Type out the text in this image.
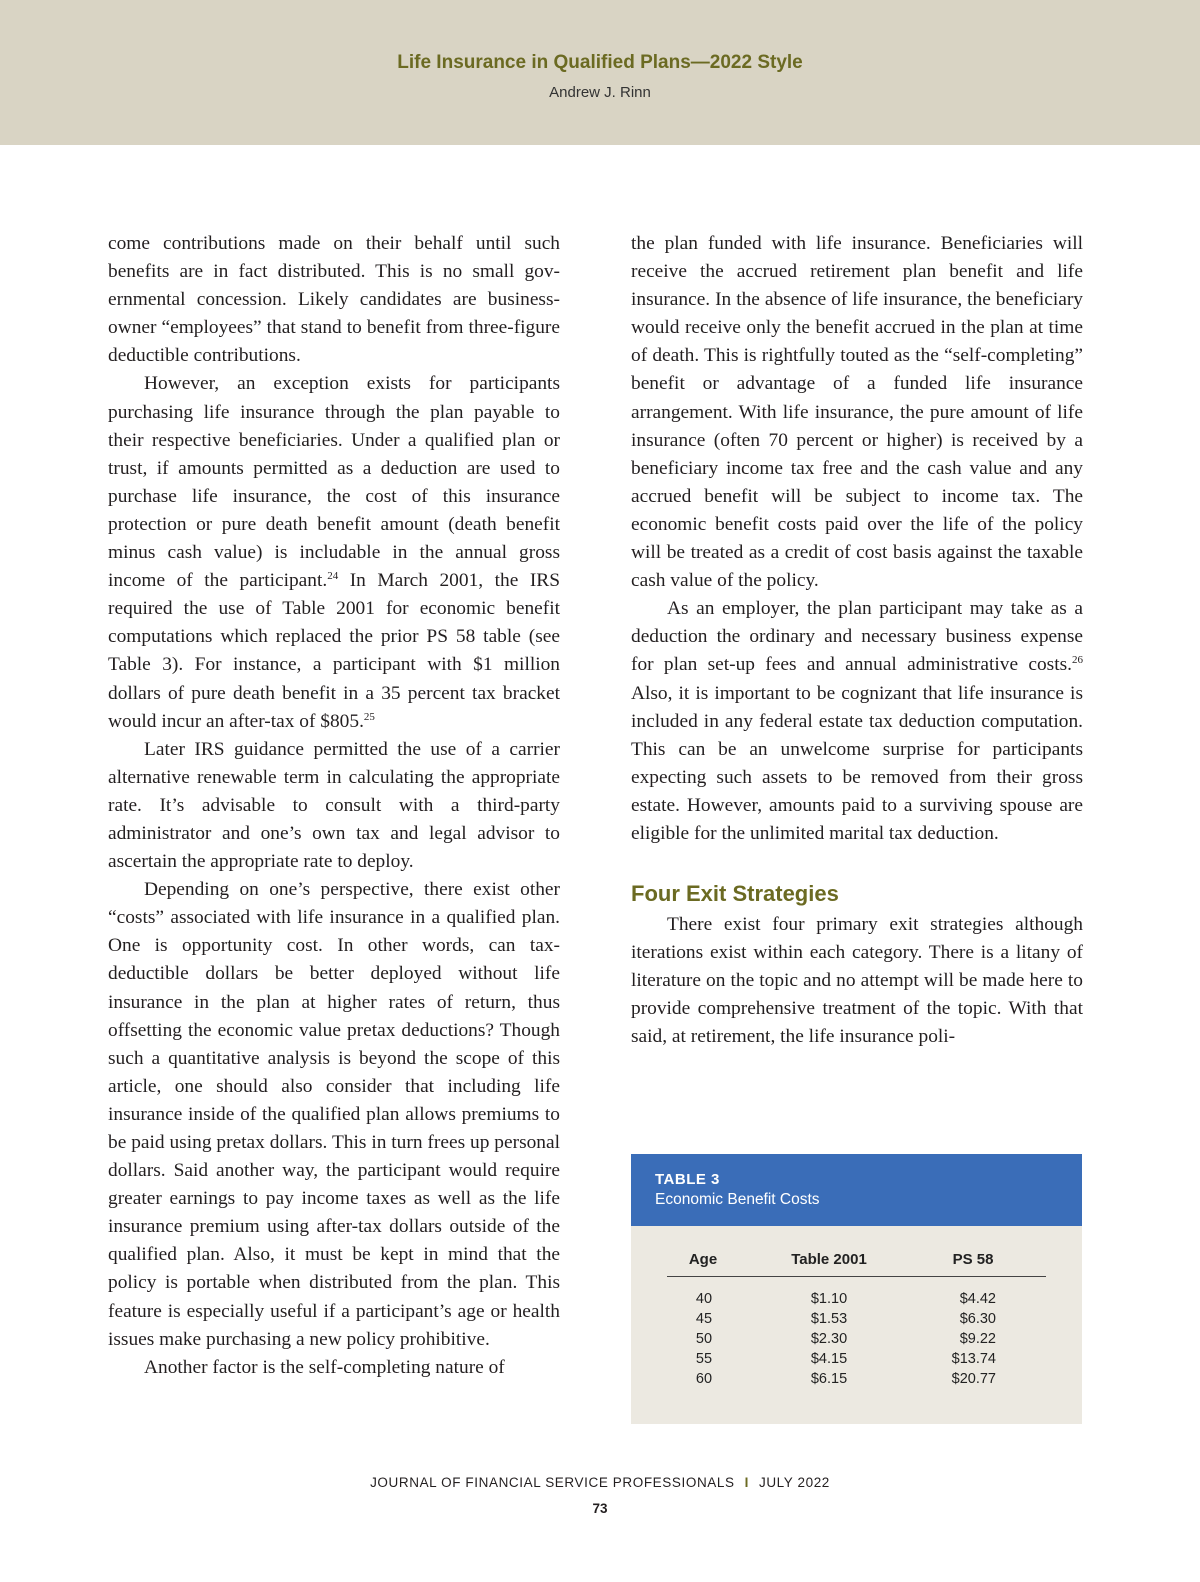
Life Insurance in Qualified Plans—2022 Style
Andrew J. Rinn

come contributions made on their behalf until such benefits are in fact distributed. This is no small governmental concession. Likely candidates are business-owner “employees” that stand to benefit from three-figure deductible contributions.

However, an exception exists for participants purchasing life insurance through the plan payable to their respective beneficiaries. Under a qualified plan or trust, if amounts permitted as a deduction are used to purchase life insurance, the cost of this insurance protection or pure death benefit amount (death benefit minus cash value) is includable in the annual gross income of the participant.$^{24}$ In March 2001, the IRS required the use of Table 2001 for economic benefit computations which replaced the prior PS 58 table (see Table 3). For instance, a participant with $1 million dollars of pure death benefit in a 35 percent tax bracket would incur an after-tax of $805.25

Later IRS guidance permitted the use of a carrier alternative renewable term in calculating the appropriate rate. It’s advisable to consult with a third-party administrator and one’s own tax and legal advisor to ascertain the appropriate rate to deploy.

Depending on one’s perspective, there exist other “costs” associated with life insurance in a qualified plan. One is opportunity cost. In other words, can tax-deductible dollars be better deployed without life insurance in the plan at higher rates of return, thus offsetting the economic value pretax deductions? Though such a quantitative analysis is beyond the scope of this article, one should also consider that including life insurance inside of the qualified plan allows premiums to be paid using pretax dollars. This in turn frees up personal dollars. Said another way, the participant would require greater earnings to pay income taxes as well as the life insurance premium using after-tax dollars outside of the qualified plan. Also, it must be kept in mind that the policy is portable when distributed from the plan. This feature is especially useful if a participant’s age or health issues make purchasing a new policy prohibitive.

Another factor is the self-completing nature of

the plan funded with life insurance. Beneficiaries will receive the accrued retirement plan benefit and life insurance. In the absence of life insurance, the beneficiary would receive only the benefit accrued in the plan at time of death. This is rightfully touted as the “self-completing” benefit or advantage of a funded life insurance arrangement. With life insurance, the pure amount of life insurance (often 70 percent or higher) is received by a beneficiary income tax free and the cash value and any accrued benefit will be subject to income tax. The economic benefit costs paid over the life of the policy will be treated as a credit of cost basis against the taxable cash value of the policy.

As an employer, the plan participant may take as a deduction the ordinary and necessary business expense for plan set-up fees and annual administrative costs.$^{26}$ Also, it is important to be cognizant that life insurance is included in any federal estate tax deduction computation. This can be an unwelcome surprise for participants expecting such assets to be removed from their gross estate. However, amounts paid to a surviving spouse are eligible for the unlimited marital tax deduction.

Four Exit Strategies

There exist four primary exit strategies although iterations exist within each category. There is a litany of literature on the topic and no attempt will be made here to provide comprehensive treatment of the topic. With that said, at retirement, the life insurance poli-

TABLE 3
Economic Benefit Costs
Age	Table 2001	PS 58
40	$1.10	$4.42
45	$1.53	$6.30
50	$2.30	$9.22
55	$4.15	$13.74
60	$6.15	$20.77
JOURNAL OF FINANCIAL SERVICE PROFESSIONALS I JULY 2022
73
